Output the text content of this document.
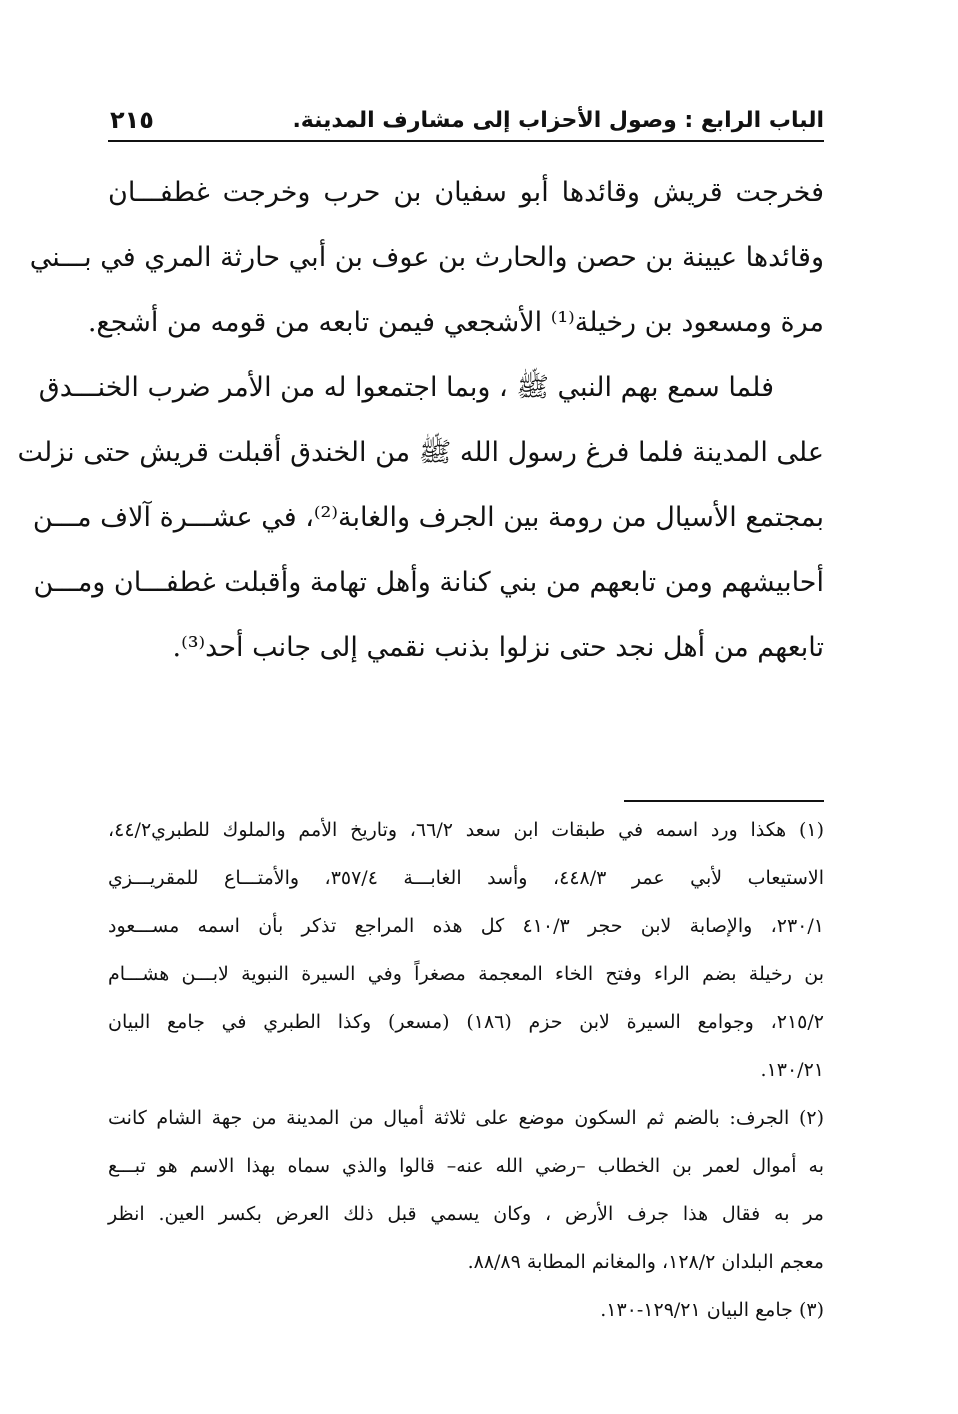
الباب الرابع : وصول الأحزاب إلى مشارف المدينة.
٢١٥
فخرجت قريش وقائدها أبو سفيان بن حرب وخرجت غطفـــان
وقائدها عيينة بن حصن والحارث بن عوف بن أبي حارثة المري في بـــني
مرة ومسعود بن رخيلة⁽¹⁾ الأشجعي فيمن تابعه من قومه من أشجع.
فلما سمع بهم النبي ﷺ ، وبما اجتمعوا له من الأمر ضرب الخنـــدق
على المدينة فلما فرغ رسول الله ﷺ من الخندق أقبلت قريش حتى نزلت
بمجتمع الأسيال من رومة بين الجرف والغابة⁽²⁾، في عشـــرة آلاف مـــن
أحابيشهم ومن تابعهم من بني كنانة وأهل تهامة وأقبلت غطفـــان ومـــن
تابعهم من أهل نجد حتى نزلوا بذنب نقمي إلى جانب أحد⁽³⁾.
(١) هكذا ورد اسمه في طبقات ابن سعد ٦٦/٢، وتاريخ الأمم والملوك للطبري٤٤/٢،
الاستيعاب لأبي عمر ٤٤٨/٣، وأسد الغابـــة ٣٥٧/٤، والأمتـــاع للمقريـــزي
٢٣٠/١، والإصابة لابن حجر ٤١٠/٣ كل هذه المراجع تذكر بأن اسمه مســـعود
بن رخيلة بضم الراء وفتح الخاء المعجمة مصغراً وفي السيرة النبوية لابـــن هشـــام
٢١٥/٢، وجوامع السيرة لابن حزم (١٨٦) (مسعر) وكذا الطبري في جامع البيان
١٣٠/٢١.
(٢) الجرف: بالضم ثم السكون موضع على ثلاثة أميال من المدينة من جهة الشام كانت
به أموال لعمر بن الخطاب –رضي الله عنه– قالوا والذي سماه بهذا الاسم هو تبـــع
مر به فقال هذا جرف الأرض ، وكان يسمي قبل ذلك العرض بكسر العين. انظر
معجم البلدان ١٢٨/٢، والمغانم المطابة ٨٨/٨٩.
(٣) جامع البيان ١٢٩/٢١-١٣٠.
